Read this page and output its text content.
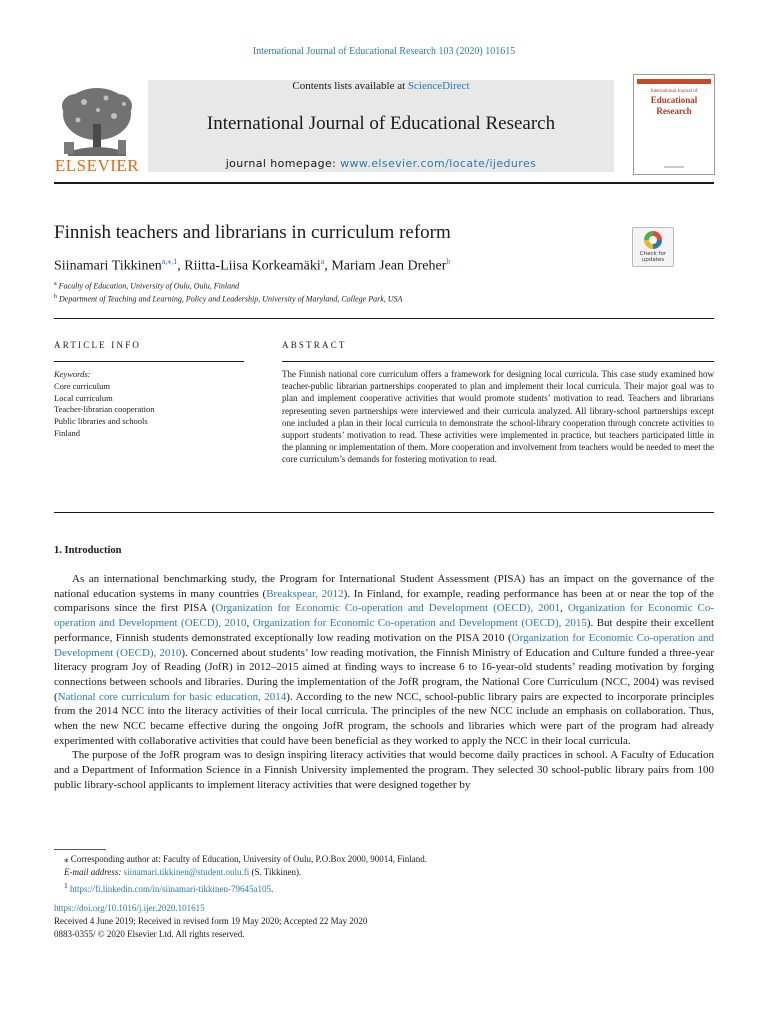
International Journal of Educational Research 103 (2020) 101615
ELSEVIER
Contents lists available at ScienceDirect
International Journal of Educational Research
journal homepage: www.elsevier.com/locate/ijedures
International Journal of
Educational
Research
Finnish teachers and librarians in curriculum reform
Check for
updates
Siinamari Tikkinen$^{a,⁎,1}$, Riitta-Liisa Korkeamäki$^a$, Mariam Jean Dreher$^b$
$^a$ Faculty of Education, University of Oulu, Oulu, Finland
$^b$ Department of Teaching and Learning, Policy and Leadership, University of Maryland, College Park, USA
ARTICLE INFO
Keywords:
Core curriculum
Local curriculum
Teacher-librarian cooperation
Public libraries and schools
Finland
ABSTRACT
The Finnish national core curriculum offers a framework for designing local curricula. This case study examined how teacher-public librarian partnerships cooperated to plan and implement their local curricula. Their major goal was to plan and implement cooperative activities that would promote students’ motivation to read. Teachers and librarians representing seven partnerships were interviewed and their curricula analyzed. All library-school partnerships except one included a plan in their local curricula to demonstrate the school-library cooperation through concrete activities to support students’ motivation to read. These activities were implemented in practice, but teachers participated little in the planning or implementation of them. More cooperation and involvement from teachers would be needed to meet the core curriculum’s demands for fostering motivation to read.
1. Introduction

As an international benchmarking study, the Program for International Student Assessment (PISA) has an impact on the governance of the national education systems in many countries (Breakspear, 2012). In Finland, for example, reading performance has been at or near the top of the comparisons since the first PISA (Organization for Economic Co-operation and Development (OECD), 2001, Organization for Economic Co-operation and Development (OECD), 2010, Organization for Economic Co-operation and Development (OECD), 2015). But despite their excellent performance, Finnish students demonstrated exceptionally low reading motivation on the PISA 2010 (Organization for Economic Co-operation and Development (OECD), 2010). Concerned about students’ low reading motivation, the Finnish Ministry of Education and Culture funded a three-year literacy program Joy of Reading (JofR) in 2012–2015 aimed at finding ways to increase 6 to 16-year-old students’ reading motivation by forging connections between schools and libraries. During the implementation of the JofR program, the National Core Curriculum (NCC, 2004) was revised (National core curriculum for basic education, 2014). According to the new NCC, school-public library pairs are expected to incorporate principles from the 2014 NCC into the literacy activities of their local curricula. The principles of the new NCC include an emphasis on collaboration. Thus, when the new NCC became effective during the ongoing JofR program, the schools and libraries which were part of the program had already experimented with collaborative activities that could have been beneficial as they worked to apply the NCC in their local curricula.

The purpose of the JofR program was to design inspiring literacy activities that would become daily practices in school. A Faculty of Education and a Department of Information Science in a Finnish University implemented the program. They selected 30 school-public library pairs from 100 public library-school applicants to implement literacy activities that were designed together by

⁎ Corresponding author at: Faculty of Education, University of Oulu, P.O.Box 2000, 90014, Finland.
E-mail address: siinamari.tikkinen@student.oulu.fi (S. Tikkinen).
$^1$ https://fi.linkedin.com/in/siinamari-tikkinen-79645a105.
https://doi.org/10.1016/j.ijer.2020.101615
Received 4 June 2019; Received in revised form 19 May 2020; Accepted 22 May 2020
0883-0355/ © 2020 Elsevier Ltd. All rights reserved.
